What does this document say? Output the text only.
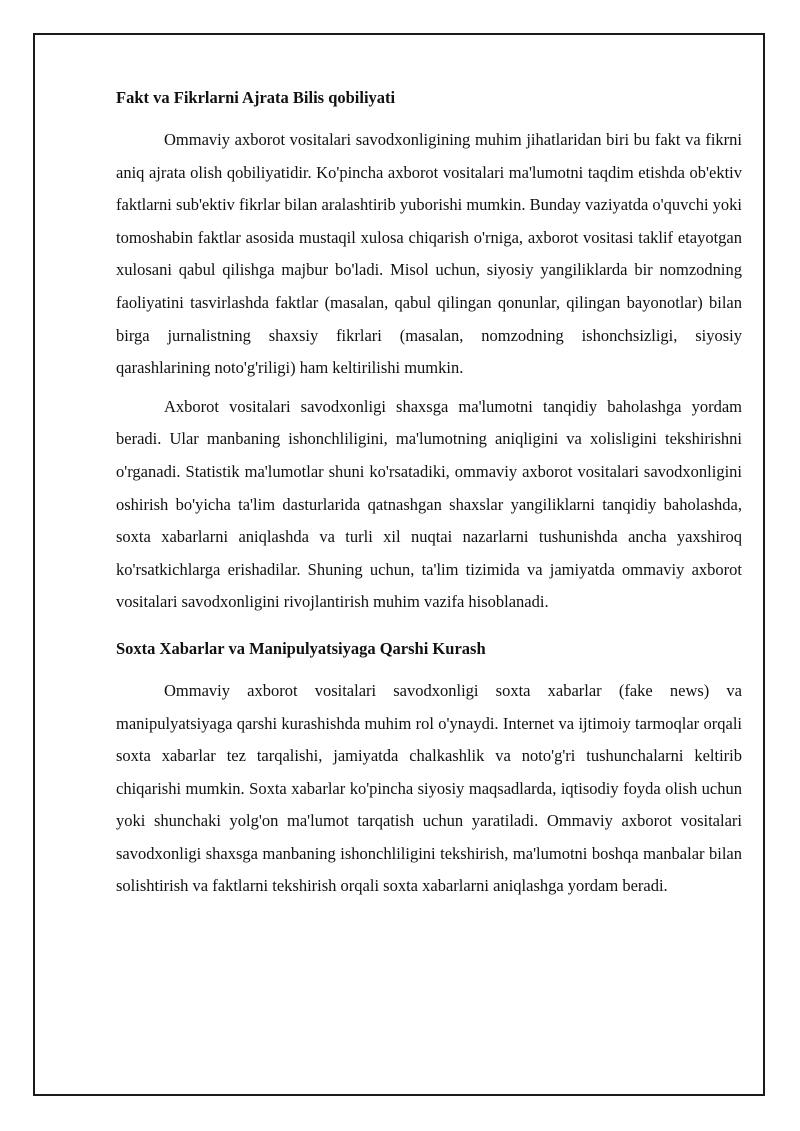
Fakt va Fikrlarni Ajrata Bilis qobiliyati

Ommaviy axborot vositalari savodxonligining muhim jihatlaridan biri bu fakt va fikrni aniq ajrata olish qobiliyatidir. Ko'pincha axborot vositalari ma'lumotni taqdim etishda ob'ektiv faktlarni sub'ektiv fikrlar bilan aralashtirib yuborishi mumkin. Bunday vaziyatda o'quvchi yoki tomoshabin faktlar asosida mustaqil xulosa chiqarish o'rniga, axborot vositasi taklif etayotgan xulosani qabul qilishga majbur bo'ladi. Misol uchun, siyosiy yangiliklarda bir nomzodning faoliyatini tasvirlashda faktlar (masalan, qabul qilingan qonunlar, qilingan bayonotlar) bilan birga jurnalistning shaxsiy fikrlari (masalan, nomzodning ishonchsizligi, siyosiy qarashlarining noto'g'riligi) ham keltirilishi mumkin.

Axborot vositalari savodxonligi shaxsga ma'lumotni tanqidiy baholashga yordam beradi. Ular manbaning ishonchliligini, ma'lumotning aniqligini va xolisligini tekshirishni o'rganadi. Statistik ma'lumotlar shuni ko'rsatadiki, ommaviy axborot vositalari savodxonligini oshirish bo'yicha ta'lim dasturlarida qatnashgan shaxslar yangiliklarni tanqidiy baholashda, soxta xabarlarni aniqlashda va turli xil nuqtai nazarlarni tushunishda ancha yaxshiroq ko'rsatkichlarga erishadilar. Shuning uchun, ta'lim tizimida va jamiyatda ommaviy axborot vositalari savodxonligini rivojlantirish muhim vazifa hisoblanadi.

Soxta Xabarlar va Manipulyatsiyaga Qarshi Kurash

Ommaviy axborot vositalari savodxonligi soxta xabarlar (fake news) va manipulyatsiyaga qarshi kurashishda muhim rol o'ynaydi. Internet va ijtimoiy tarmoqlar orqali soxta xabarlar tez tarqalishi, jamiyatda chalkashlik va noto'g'ri tushunchalarni keltirib chiqarishi mumkin. Soxta xabarlar ko'pincha siyosiy maqsadlarda, iqtisodiy foyda olish uchun yoki shunchaki yolg'on ma'lumot tarqatish uchun yaratiladi. Ommaviy axborot vositalari savodxonligi shaxsga manbaning ishonchliligini tekshirish, ma'lumotni boshqa manbalar bilan solishtirish va faktlarni tekshirish orqali soxta xabarlarni aniqlashga yordam beradi.
